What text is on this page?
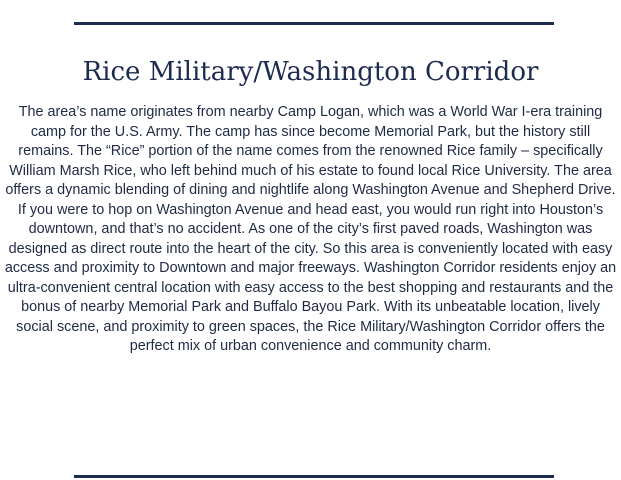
Rice Military/Washington Corridor

The area’s name originates from nearby Camp Logan, which was a World War I-era training camp for the U.S. Army. The camp has since become Memorial Park, but the history still remains. The “Rice” portion of the name comes from the renowned Rice family – specifically William Marsh Rice, who left behind much of his estate to found local Rice University. The area offers a dynamic blending of dining and nightlife along Washington Avenue and Shepherd Drive. If you were to hop on Washington Avenue and head east, you would run right into Houston’s downtown, and that’s no accident. As one of the city’s first paved roads, Washington was designed as direct route into the heart of the city. So this area is conveniently located with easy access and proximity to Downtown and major freeways. Washington Corridor residents enjoy an ultra-convenient central location with easy access to the best shopping and restaurants and the bonus of nearby Memorial Park and Buffalo Bayou Park. With its unbeatable location, lively social scene, and proximity to green spaces, the Rice Military/Washington Corridor offers the perfect mix of urban convenience and community charm.
